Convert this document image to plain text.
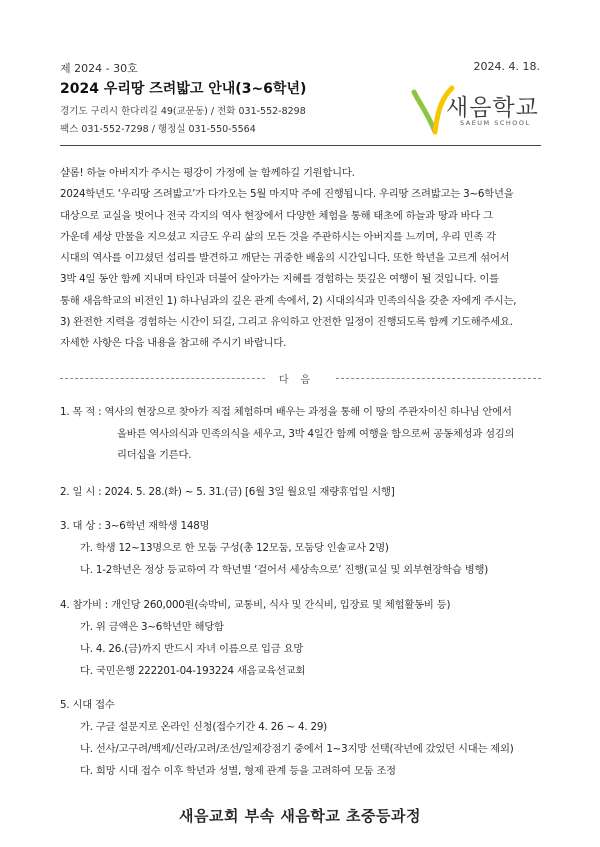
제 2024 - 30호	2024. 4. 18.
2024 우리땅 즈려밟고 안내(3~6학년)
경기도 구리시 한다리길 49(교문동) / 전화 031-552-8298
팩스 031-552-7298 / 행정실 031-550-5564
새음학교
SAEUM SCHOOL

샬롬! 하늘 아버지가 주시는 평강이 가정에 늘 함께하길 기원합니다.

2024학년도 ‘우리땅 즈려밟고’가 다가오는 5월 마지막 주에 진행됩니다. 우리땅 즈려밟고는 3~6학년을

대상으로 교실을 벗어나 전국 각지의 역사 현장에서 다양한 체험을 통해 태초에 하늘과 땅과 바다 그

가운데 세상 만물을 지으셨고 지금도 우리 삶의 모든 것을 주관하시는 아버지를 느끼며, 우리 민족 각

시대의 역사를 이끄셨던 섭리를 발견하고 깨닫는 귀중한 배움의 시간입니다. 또한 학년을 고르게 섞어서

3박 4일 동안 함께 지내며 타인과 더불어 살아가는 지혜를 경험하는 뜻깊은 여행이 될 것입니다. 이를

통해 새음학교의 비전인 1) 하나님과의 깊은 관계 속에서, 2) 시대의식과 민족의식을 갖춘 자에게 주시는,

3) 완전한 지력을 경험하는 시간이 되길, 그리고 유익하고 안전한 일정이 진행되도록 함께 기도해주세요.

자세한 사항은 다음 내용을 참고해 주시기 바랍니다.

다음
1. 목 적 : 역사의 현장으로 찾아가 직접 체험하며 배우는 과정을 통해 이 땅의 주관자이신 하나님 안에서
올바른 역사의식과 민족의식을 세우고, 3박 4일간 함께 여행을 함으로써 공동체성과 섬김의
리더십을 기른다.
2. 일 시 : 2024. 5. 28.(화) ~ 5. 31.(금) [6월 3일 월요일 재량휴업일 시행]
3. 대 상 : 3~6학년 재학생 148명
가. 학생 12~13명으로 한 모둠 구성(총 12모둠, 모둠당 인솔교사 2명)
나. 1-2학년은 정상 등교하여 각 학년별 ‘걸어서 세상속으로’ 진행(교실 및 외부현장학습 병행)
4. 참가비 : 개인당 260,000원(숙박비, 교통비, 식사 및 간식비, 입장료 및 체험활동비 등)
가. 위 금액은 3~6학년만 해당함
나. 4. 26.(금)까지 반드시 자녀 이름으로 입금 요망
다. 국민은행 222201-04-193224 새음교육선교회
5. 시대 접수
가. 구글 설문지로 온라인 신청(접수기간 4. 26 ~ 4. 29)
나. 선사/고구려/백제/신라/고려/조선/일제강점기 중에서 1~3지망 선택(작년에 갔었던 시대는 제외)
다. 희망 시대 접수 이후 학년과 성별, 형제 관계 등을 고려하여 모둠 조정
새음교회 부속 새음학교 초중등과정
